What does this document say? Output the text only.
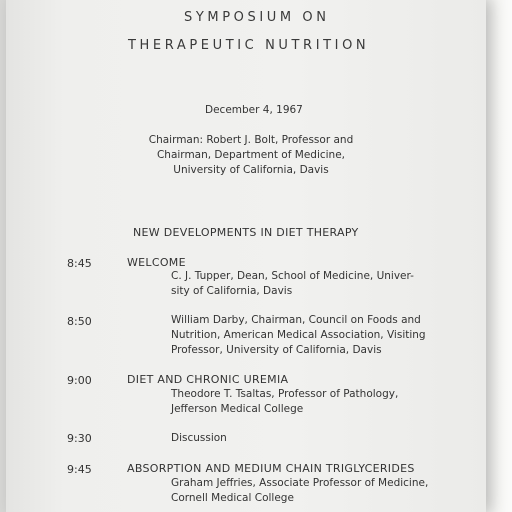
SYMPOSIUM ON
THERAPEUTIC NUTRITION
December 4, 1967
Chairman: Robert J. Bolt, Professor and
Chairman, Department of Medicine,
University of California, Davis
NEW DEVELOPMENTS IN DIET THERAPY
8:45	WELCOME
C. J. Tupper, Dean, School of Medicine, Univer-
sity of California, Davis
8:50	William Darby, Chairman, Council on Foods and
Nutrition, American Medical Association, Visiting
Professor, University of California, Davis
9:00	DIET AND CHRONIC UREMIA
Theodore T. Tsaltas, Professor of Pathology,
Jefferson Medical College
9:30	Discussion
9:45	ABSORPTION AND MEDIUM CHAIN TRIGLYCERIDES
Graham Jeffries, Associate Professor of Medicine,
Cornell Medical College
